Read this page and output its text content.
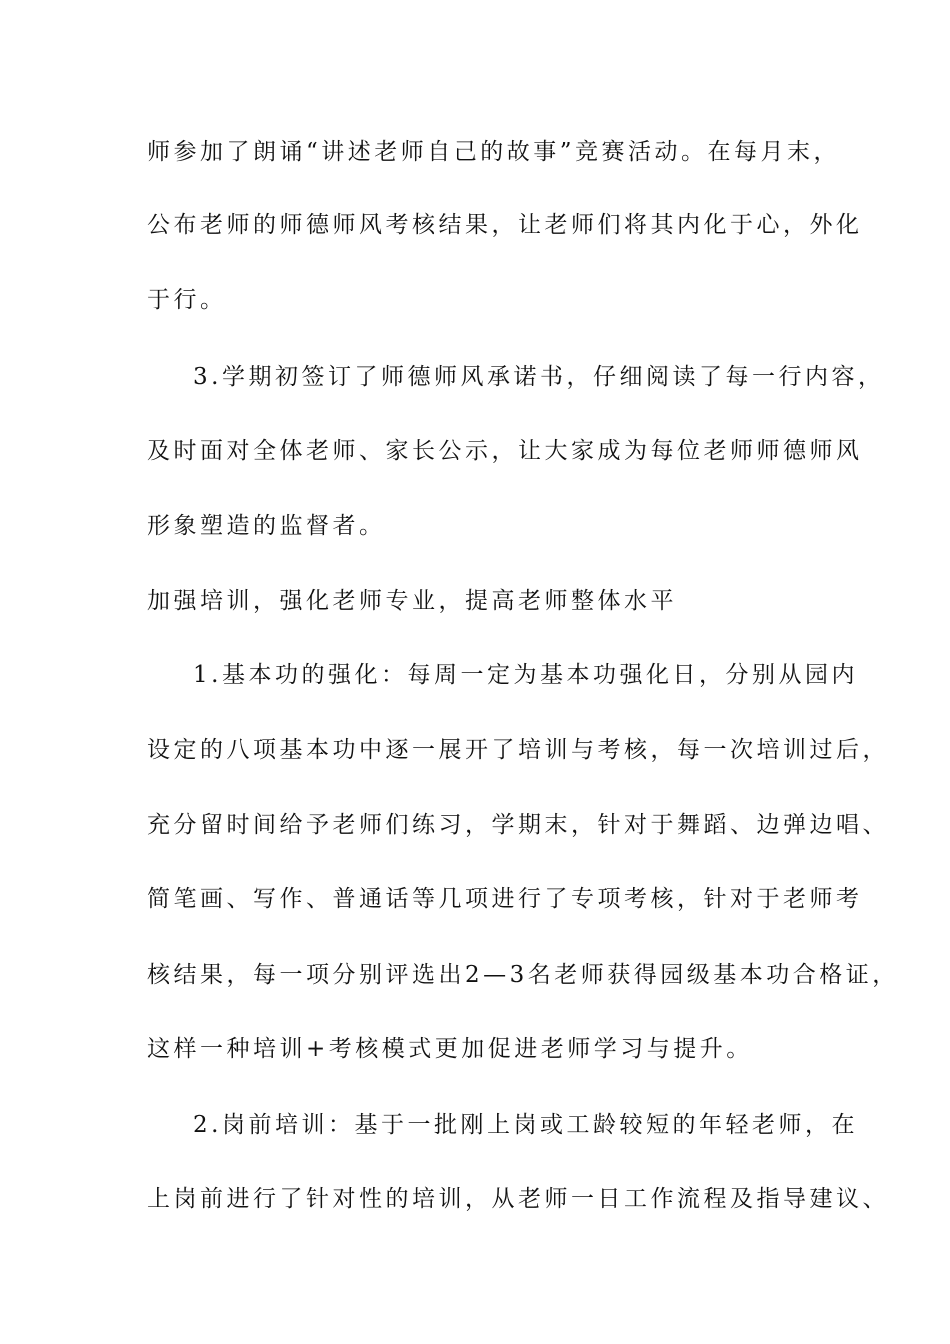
师参加了朗诵“讲述老师自己的故事”竞赛活动。在每月末，
公布老师的师德师风考核结果，让老师们将其内化于心，外化
于行。
3.学期初签订了师德师风承诺书，仔细阅读了每一行内容，
及时面对全体老师、家长公示，让大家成为每位老师师德师风
形象塑造的监督者。
加强培训，强化老师专业，提高老师整体水平
1.基本功的强化：每周一定为基本功强化日，分别从园内
设定的八项基本功中逐一展开了培训与考核，每一次培训过后，
充分留时间给予老师们练习，学期末，针对于舞蹈、边弹边唱、
简笔画、写作、普通话等几项进行了专项考核，针对于老师考
核结果，每一项分别评选出2—3名老师获得园级基本功合格证，
这样一种培训+考核模式更加促进老师学习与提升。
2.岗前培训：基于一批刚上岗或工龄较短的年轻老师，在
上岗前进行了针对性的培训，从老师一日工作流程及指导建议、
